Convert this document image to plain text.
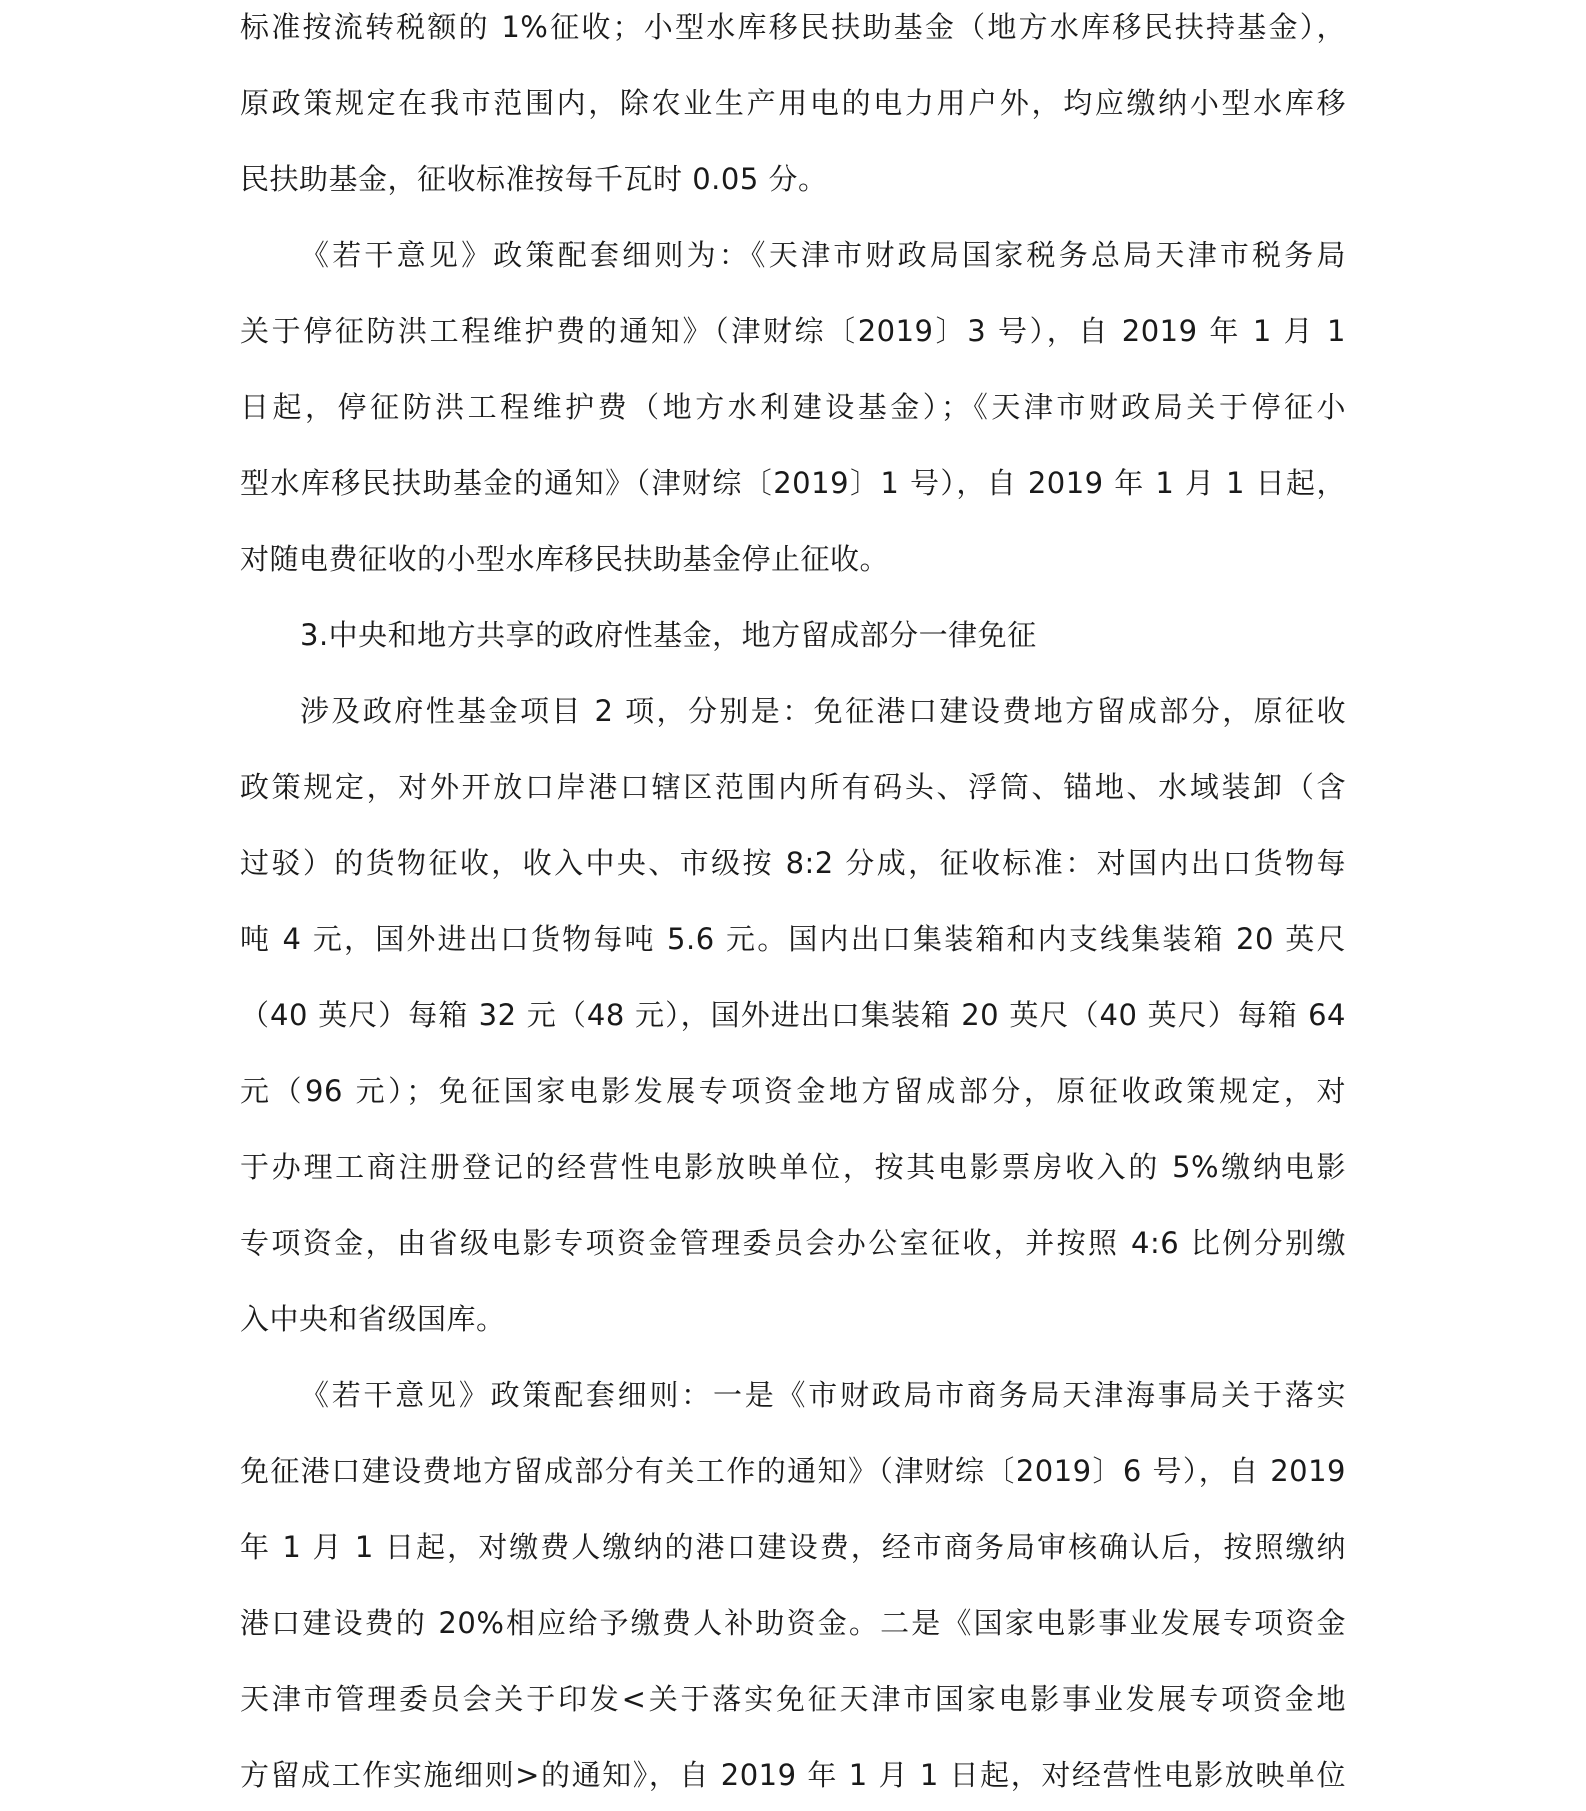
标准按流转税额的 1%征收；小型水库移民扶助基金（地方水库移民扶持基金），
原政策规定在我市范围内，除农业生产用电的电力用户外，均应缴纳小型水库移
民扶助基金，征收标准按每千瓦时 0.05 分。
《若干意见》政策配套细则为：《天津市财政局国家税务总局天津市税务局
关于停征防洪工程维护费的通知》（津财综〔2019〕3 号），自 2019 年 1 月 1
日起，停征防洪工程维护费（地方水利建设基金）；《天津市财政局关于停征小
型水库移民扶助基金的通知》（津财综〔2019〕1 号），自 2019 年 1 月 1 日起，
对随电费征收的小型水库移民扶助基金停止征收。
3.中央和地方共享的政府性基金，地方留成部分一律免征
涉及政府性基金项目 2 项，分别是：免征港口建设费地方留成部分，原征收
政策规定，对外开放口岸港口辖区范围内所有码头、浮筒、锚地、水域装卸（含
过驳）的货物征收，收入中央、市级按 8:2 分成，征收标准：对国内出口货物每
吨 4 元，国外进出口货物每吨 5.6 元。国内出口集装箱和内支线集装箱 20 英尺
（40 英尺）每箱 32 元（48 元），国外进出口集装箱 20 英尺（40 英尺）每箱 64
元（96 元）；免征国家电影发展专项资金地方留成部分，原征收政策规定，对
于办理工商注册登记的经营性电影放映单位，按其电影票房收入的 5%缴纳电影
专项资金，由省级电影专项资金管理委员会办公室征收，并按照 4:6 比例分别缴
入中央和省级国库。
《若干意见》政策配套细则：一是《市财政局市商务局天津海事局关于落实
免征港口建设费地方留成部分有关工作的通知》（津财综〔2019〕6 号），自 2019
年 1 月 1 日起，对缴费人缴纳的港口建设费，经市商务局审核确认后，按照缴纳
港口建设费的 20%相应给予缴费人补助资金。二是《国家电影事业发展专项资金
天津市管理委员会关于印发<关于落实免征天津市国家电影事业发展专项资金地
方留成工作实施细则>的通知》，自 2019 年 1 月 1 日起，对经营性电影放映单位
